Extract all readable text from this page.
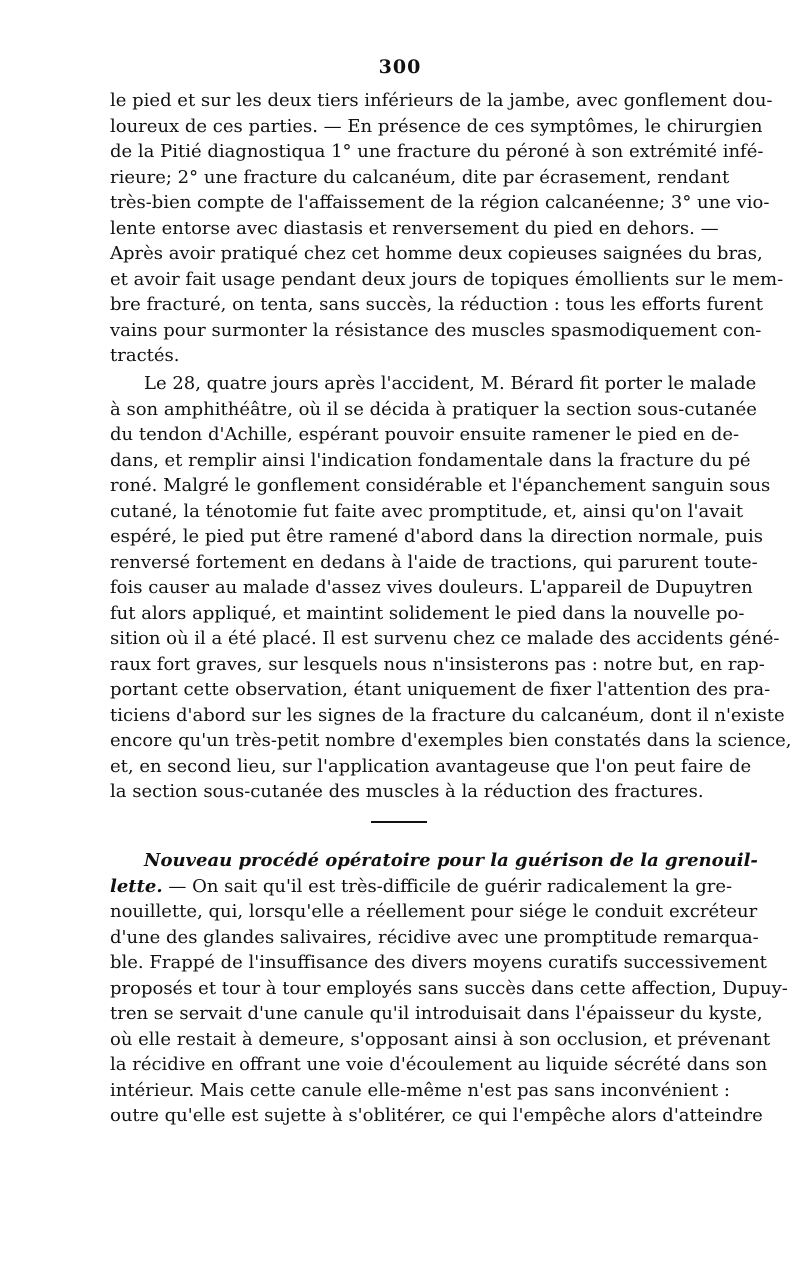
300
le pied et sur les deux tiers inférieurs de la jambe, avec gonflement dou-
loureux de ces parties. — En présence de ces symptômes, le chirurgien
de la Pitié diagnostiqua 1° une fracture du péroné à son extrémité infé-
rieure; 2° une fracture du calcanéum, dite par écrasement, rendant
très-bien compte de l'affaissement de la région calcanéenne; 3° une vio-
lente entorse avec diastasis et renversement du pied en dehors. —
Après avoir pratiqué chez cet homme deux copieuses saignées du bras,
et avoir fait usage pendant deux jours de topiques émollients sur le mem-
bre fracturé, on tenta, sans succès, la réduction : tous les efforts furent
vains pour surmonter la résistance des muscles spasmodiquement con-
tractés.
Le 28, quatre jours après l'accident, M. Bérard fit porter le malade
à son amphithéâtre, où il se décida à pratiquer la section sous-cutanée
du tendon d'Achille, espérant pouvoir ensuite ramener le pied en de-
dans, et remplir ainsi l'indication fondamentale dans la fracture du pé
roné. Malgré le gonflement considérable et l'épanchement sanguin sous
cutané, la ténotomie fut faite avec promptitude, et, ainsi qu'on l'avait
espéré, le pied put être ramené d'abord dans la direction normale, puis
renversé fortement en dedans à l'aide de tractions, qui parurent toute-
fois causer au malade d'assez vives douleurs. L'appareil de Dupuytren
fut alors appliqué, et maintint solidement le pied dans la nouvelle po-
sition où il a été placé. Il est survenu chez ce malade des accidents géné-
raux fort graves, sur lesquels nous n'insisterons pas : notre but, en rap-
portant cette observation, étant uniquement de fixer l'attention des pra-
ticiens d'abord sur les signes de la fracture du calcanéum, dont il n'existe
encore qu'un très-petit nombre d'exemples bien constatés dans la science,
et, en second lieu, sur l'application avantageuse que l'on peut faire de
la section sous-cutanée des muscles à la réduction des fractures.
Nouveau procédé opératoire pour la guérison de la grenouil-
lette. — On sait qu'il est très-difficile de guérir radicalement la gre-
nouillette, qui, lorsqu'elle a réellement pour siége le conduit excréteur
d'une des glandes salivaires, récidive avec une promptitude remarqua-
ble. Frappé de l'insuffisance des divers moyens curatifs successivement
proposés et tour à tour employés sans succès dans cette affection, Dupuy-
tren se servait d'une canule qu'il introduisait dans l'épaisseur du kyste,
où elle restait à demeure, s'opposant ainsi à son occlusion, et prévenant
la récidive en offrant une voie d'écoulement au liquide sécrété dans son
intérieur. Mais cette canule elle-même n'est pas sans inconvénient :
outre qu'elle est sujette à s'oblitérer, ce qui l'empêche alors d'atteindre
